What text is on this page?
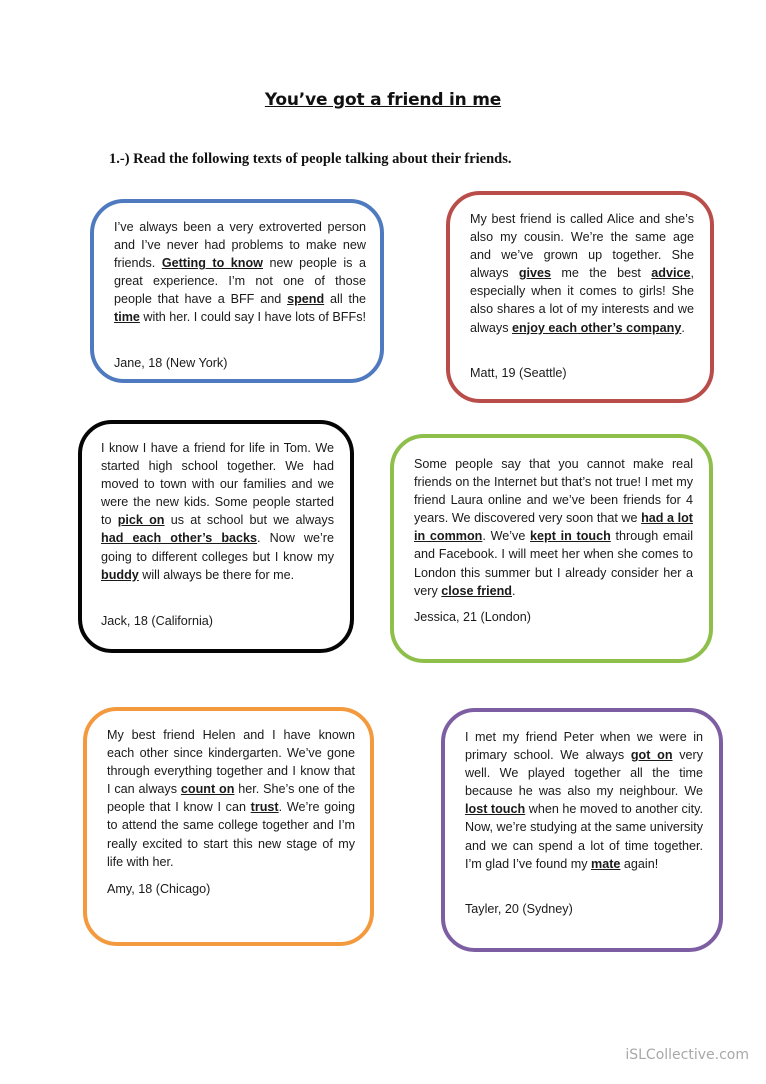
You’ve got a friend in me
1.-) Read the following texts of people talking about their friends.
I’ve always been a very extroverted person and I’ve never had problems to make new friends. Getting to know new people is a great experience. I’m not one of those people that have a BFF and spend all the time with her. I could say I have lots of BFFs!
Jane, 18 (New York)
My best friend is called Alice and she’s also my cousin. We’re the same age and we’ve grown up together. She always gives me the best advice, especially when it comes to girls! She also shares a lot of my interests and we always enjoy each other’s company.
Matt, 19 (Seattle)
I know I have a friend for life in Tom. We started high school together. We had moved to town with our families and we were the new kids. Some people started to pick on us at school but we always had each other’s backs. Now we’re going to different colleges but I know my buddy will always be there for me.
Jack, 18 (California)
Some people say that you cannot make real friends on the Internet but that’s not true! I met my friend Laura online and we’ve been friends for 4 years. We discovered very soon that we had a lot in common. We’ve kept in touch through email and Facebook. I will meet her when she comes to London this summer but I already consider her a very close friend.
Jessica, 21 (London)
My best friend Helen and I have known each other since kindergarten. We’ve gone through everything together and I know that I can always count on her. She’s one of the people that I know I can trust. We’re going to attend the same college together and I’m really excited to start this new stage of my life with her.
Amy, 18 (Chicago)
I met my friend Peter when we were in primary school. We always got on very well. We played together all the time because he was also my neighbour. We lost touch when he moved to another city. Now, we’re studying at the same university and we can spend a lot of time together. I’m glad I’ve found my mate again!
Tayler, 20 (Sydney)
iSLCollective.com
